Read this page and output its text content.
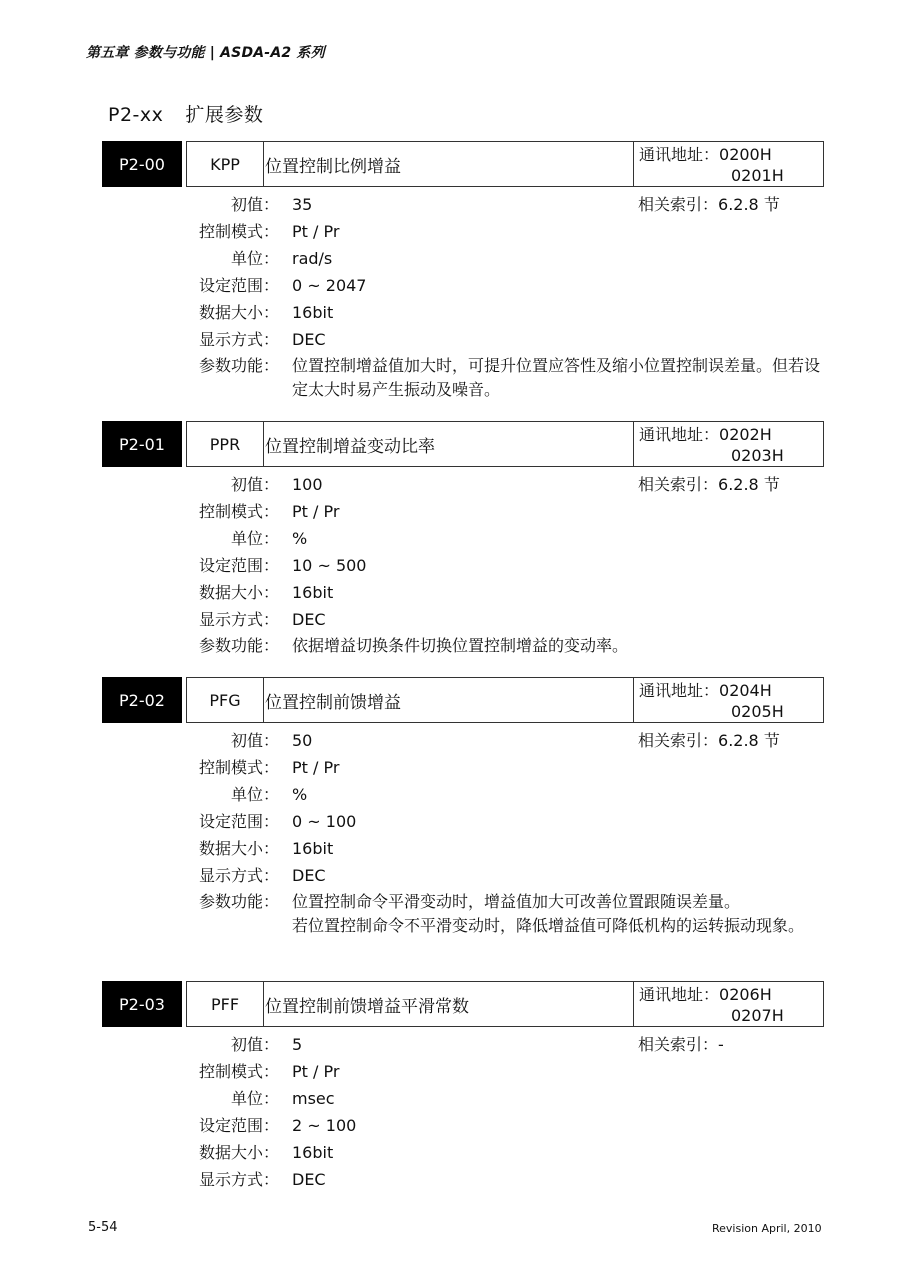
第五章 参数与功能 | ASDA-A2 系列
P2-xx 扩展参数
P2-00	KPP	位置控制比例增益
通讯地址：0200H
0201H
初值： 35	相关索引：6.2.8 节
控制模式： Pt / Pr
单位： rad/s
设定范围： 0 ~ 2047
数据大小： 16bit
显示方式： DEC
参数功能： 位置控制增益值加大时，可提升位置应答性及缩小位置控制误差量。但若设定太大时易产生振动及噪音。
P2-01	PPR	位置控制增益变动比率
通讯地址：0202H
0203H
初值： 100	相关索引：6.2.8 节
控制模式： Pt / Pr
单位： %
设定范围： 10 ~ 500
数据大小： 16bit
显示方式： DEC
参数功能： 依据增益切换条件切换位置控制增益的变动率。
P2-02	PFG	位置控制前馈增益
通讯地址：0204H
0205H
初值： 50	相关索引：6.2.8 节
控制模式： Pt / Pr
单位： %
设定范围： 0 ~ 100
数据大小： 16bit
显示方式： DEC
参数功能： 位置控制命令平滑变动时，增益值加大可改善位置跟随误差量。
若位置控制命令不平滑变动时，降低增益值可降低机构的运转振动现象。
P2-03	PFF	位置控制前馈增益平滑常数
通讯地址：0206H
0207H
初值： 5	相关索引：-
控制模式： Pt / Pr
单位： msec
设定范围： 2 ~ 100
数据大小： 16bit
显示方式： DEC
5-54	Revision April, 2010
